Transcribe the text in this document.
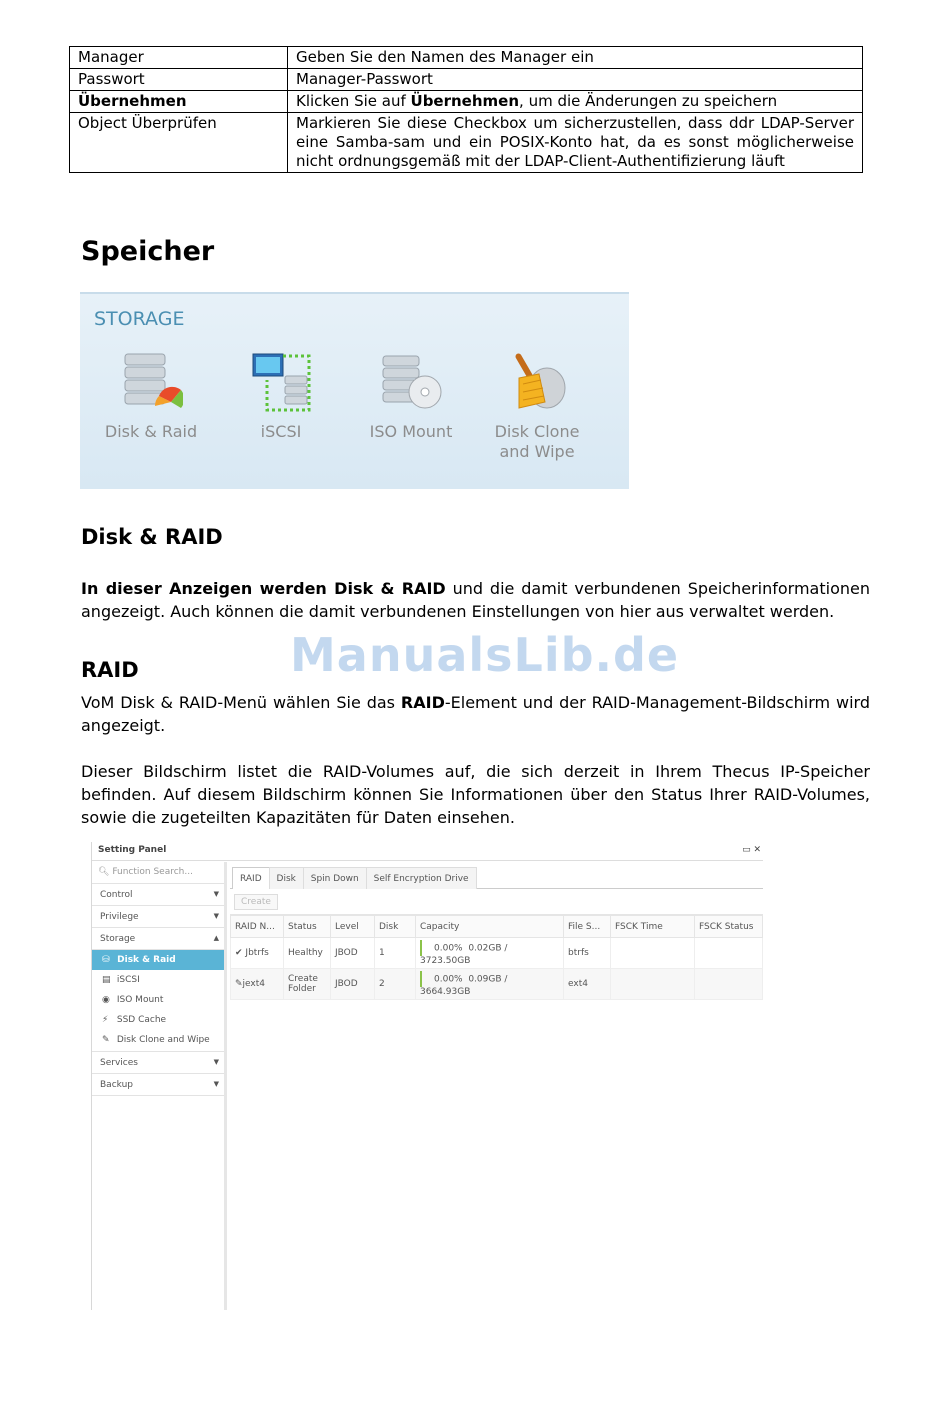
Manager	Geben Sie den Namen des Manager ein
Passwort	Manager-Passwort
Übernehmen	Klicken Sie auf Übernehmen, um die Änderungen zu speichern
Object Überprüfen	Markieren Sie diese Checkbox um sicherzustellen, dass ddr LDAP-Server eine Samba-sam und ein POSIX-Konto hat, da es sonst möglicherweise nicht ordnungsgemäß mit der LDAP-Client-Authentifizierung läuft
Speicher
STORAGE
Disk & Raid	iSCSI	ISO Mount	Disk Clone
and Wipe
Disk & RAID
In dieser Anzeigen werden Disk & RAID und die damit verbundenen Speicherinformationen angezeigt. Auch können die damit verbundenen Einstellungen von hier aus verwaltet werden.
ManualsLib.de
RAID
VoM Disk & RAID-Menü wählen Sie das RAID-Element und der RAID-Management-Bildschirm wird angezeigt.
Dieser Bildschirm listet die RAID-Volumes auf, die sich derzeit in Ihrem Thecus IP-Speicher befinden. Auf diesem Bildschirm können Sie Informationen über den Status Ihrer RAID-Volumes, sowie die zugeteilten Kapazitäten für Daten einsehen.
Setting Panel	▭ ✕
🔍︎ Function Search...
Control	▼
Privilege	▼
Storage	▲
⛁ Disk & Raid
▤ iSCSI
◉ ISO Mount
⚡ SSD Cache
✎ Disk Clone and Wipe
Services	▼
Backup	▼
RAID Disk Spin Down Self Encryption Drive
Create
RAID N...	Status	Level	Disk	Capacity	File S...	FSCK Time	FSCK Status
✔ Jbtrfs	Healthy	JBOD	1	0.00% 0.02GB / 3723.50GB	btrfs		
✎jext4	Create Folder	JBOD	2	0.00% 0.09GB / 3664.93GB	ext4		
